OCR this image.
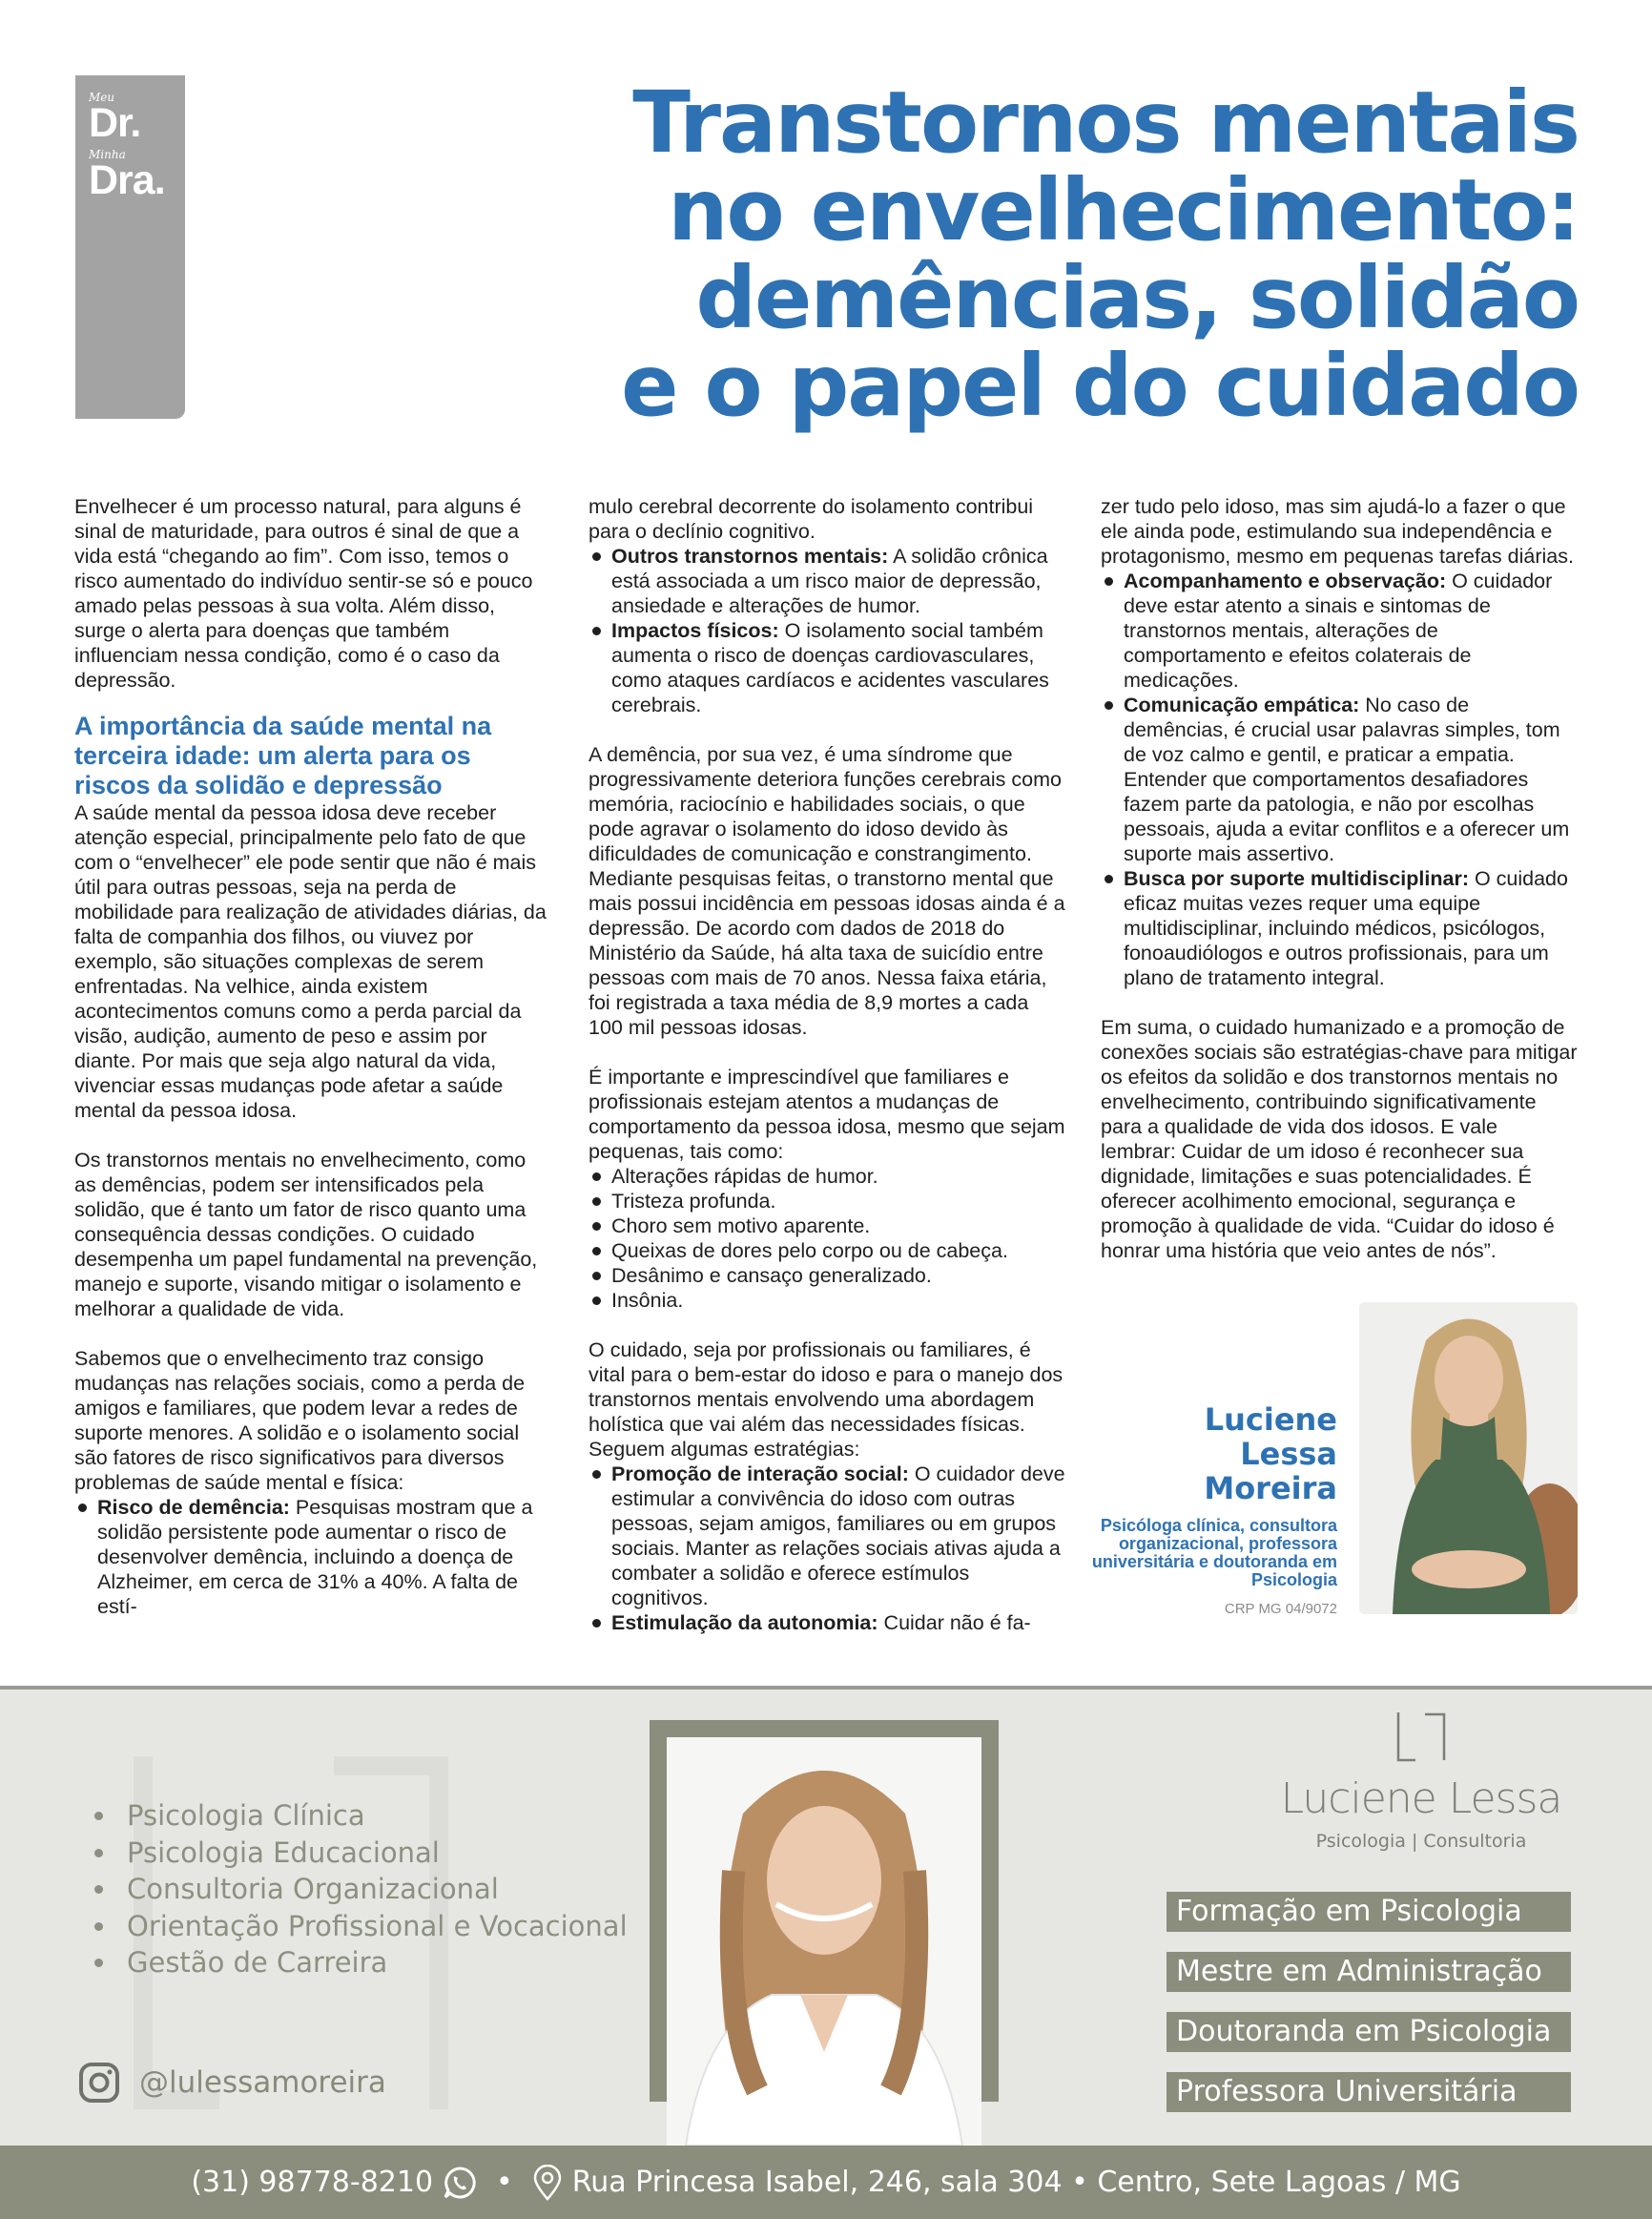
Meu
Dr.
Minha
Dra.
Transtornos mentais
no envelhecimento:
demências, solidão
e o papel do cuidado

Envelhecer é um processo natural, para alguns é sinal de maturidade, para outros é sinal de que a vida está “chegando ao fim”. Com isso, temos o risco aumentado do indivíduo sentir-se só e pouco amado pelas pessoas à sua volta. Além disso, surge o alerta para doenças que também influenciam nessa condição, como é o caso da depressão.

A importância da saúde mental na terceira idade: um alerta para os riscos da solidão e depressão

A saúde mental da pessoa idosa deve receber atenção especial, principalmente pelo fato de que com o “envelhecer” ele pode sentir que não é mais útil para outras pessoas, seja na perda de mobilidade para realização de atividades diárias, da falta de companhia dos filhos, ou viuvez por exemplo, são situações complexas de serem enfrentadas. Na velhice, ainda existem acontecimentos comuns como a perda parcial da visão, audição, aumento de peso e assim por diante. Por mais que seja algo natural da vida, vivenciar essas mudanças pode afetar a saúde mental da pessoa idosa.

Os transtornos mentais no envelhecimento, como as demências, podem ser intensificados pela solidão, que é tanto um fator de risco quanto uma consequência dessas condições. O cuidado desempenha um papel fundamental na prevenção, manejo e suporte, visando mitigar o isolamento e melhorar a qualidade de vida.

Sabemos que o envelhecimento traz consigo mudanças nas relações sociais, como a perda de amigos e familiares, que podem levar a redes de suporte menores. A solidão e o isolamento social são fatores de risco significativos para diversos problemas de saúde mental e física:

Risco de demência: Pesquisas mostram que a solidão persistente pode aumentar o risco de desenvolver demência, incluindo a doença de Alzheimer, em cerca de 31% a 40%. A falta de estí-

mulo cerebral decorrente do isolamento contribui para o declínio cognitivo.

Outros transtornos mentais: A solidão crônica está associada a um risco maior de depressão, ansiedade e alterações de humor.

Impactos físicos: O isolamento social também aumenta o risco de doenças cardiovasculares, como ataques cardíacos e acidentes vasculares cerebrais.

A demência, por sua vez, é uma síndrome que progressivamente deteriora funções cerebrais como memória, raciocínio e habilidades sociais, o que pode agravar o isolamento do idoso devido às dificuldades de comunicação e constrangimento. Mediante pesquisas feitas, o transtorno mental que mais possui incidência em pessoas idosas ainda é a depressão. De acordo com dados de 2018 do Ministério da Saúde, há alta taxa de suicídio entre pessoas com mais de 70 anos. Nessa faixa etária, foi registrada a taxa média de 8,9 mortes a cada 100 mil pessoas idosas.

É importante e imprescindível que familiares e profissionais estejam atentos a mudanças de comportamento da pessoa idosa, mesmo que sejam pequenas, tais como:

Alterações rápidas de humor.

Tristeza profunda.

Choro sem motivo aparente.

Queixas de dores pelo corpo ou de cabeça.

Desânimo e cansaço generalizado.

Insônia.

O cuidado, seja por profissionais ou familiares, é vital para o bem-estar do idoso e para o manejo dos transtornos mentais envolvendo uma abordagem holística que vai além das necessidades físicas. Seguem algumas estratégias:

Promoção de interação social: O cuidador deve estimular a convivência do idoso com outras pessoas, sejam amigos, familiares ou em grupos sociais. Manter as relações sociais ativas ajuda a combater a solidão e oferece estímulos cognitivos.

Estimulação da autonomia: Cuidar não é fa-

zer tudo pelo idoso, mas sim ajudá-lo a fazer o que ele ainda pode, estimulando sua independência e protagonismo, mesmo em pequenas tarefas diárias.

Acompanhamento e observação: O cuidador deve estar atento a sinais e sintomas de transtornos mentais, alterações de comportamento e efeitos colaterais de medicações.

Comunicação empática: No caso de demências, é crucial usar palavras simples, tom de voz calmo e gentil, e praticar a empatia. Entender que comportamentos desafiadores fazem parte da patologia, e não por escolhas pessoais, ajuda a evitar conflitos e a oferecer um suporte mais assertivo.

Busca por suporte multidisciplinar: O cuidado eficaz muitas vezes requer uma equipe multidisciplinar, incluindo médicos, psicólogos, fonoaudiólogos e outros profissionais, para um plano de tratamento integral.

Em suma, o cuidado humanizado e a promoção de conexões sociais são estratégias-chave para mitigar os efeitos da solidão e dos transtornos mentais no envelhecimento, contribuindo significativamente para a qualidade de vida dos idosos. E vale lembrar: Cuidar de um idoso é reconhecer sua dignidade, limitações e suas potencialidades. É oferecer acolhimento emocional, segurança e promoção à qualidade de vida. “Cuidar do idoso é honrar uma história que veio antes de nós”.

Luciene
Lessa
Moreira
Psicóloga clínica, consultora organizacional, professora universitária e doutoranda em Psicologia
CRP MG 04/9072
Psicologia Clínica
Psicologia Educacional
Consultoria Organizacional
Orientação Profissional e Vocacional
Gestão de Carreira
@lulessamoreira
Luciene Lessa
Psicologia | Consultoria
Formação em Psicologia
Mestre em Administração
Doutoranda em Psicologia
Professora Universitária
(31) 98778-8210 • Rua Princesa Isabel, 246, sala 304 • Centro, Sete Lagoas / MG
